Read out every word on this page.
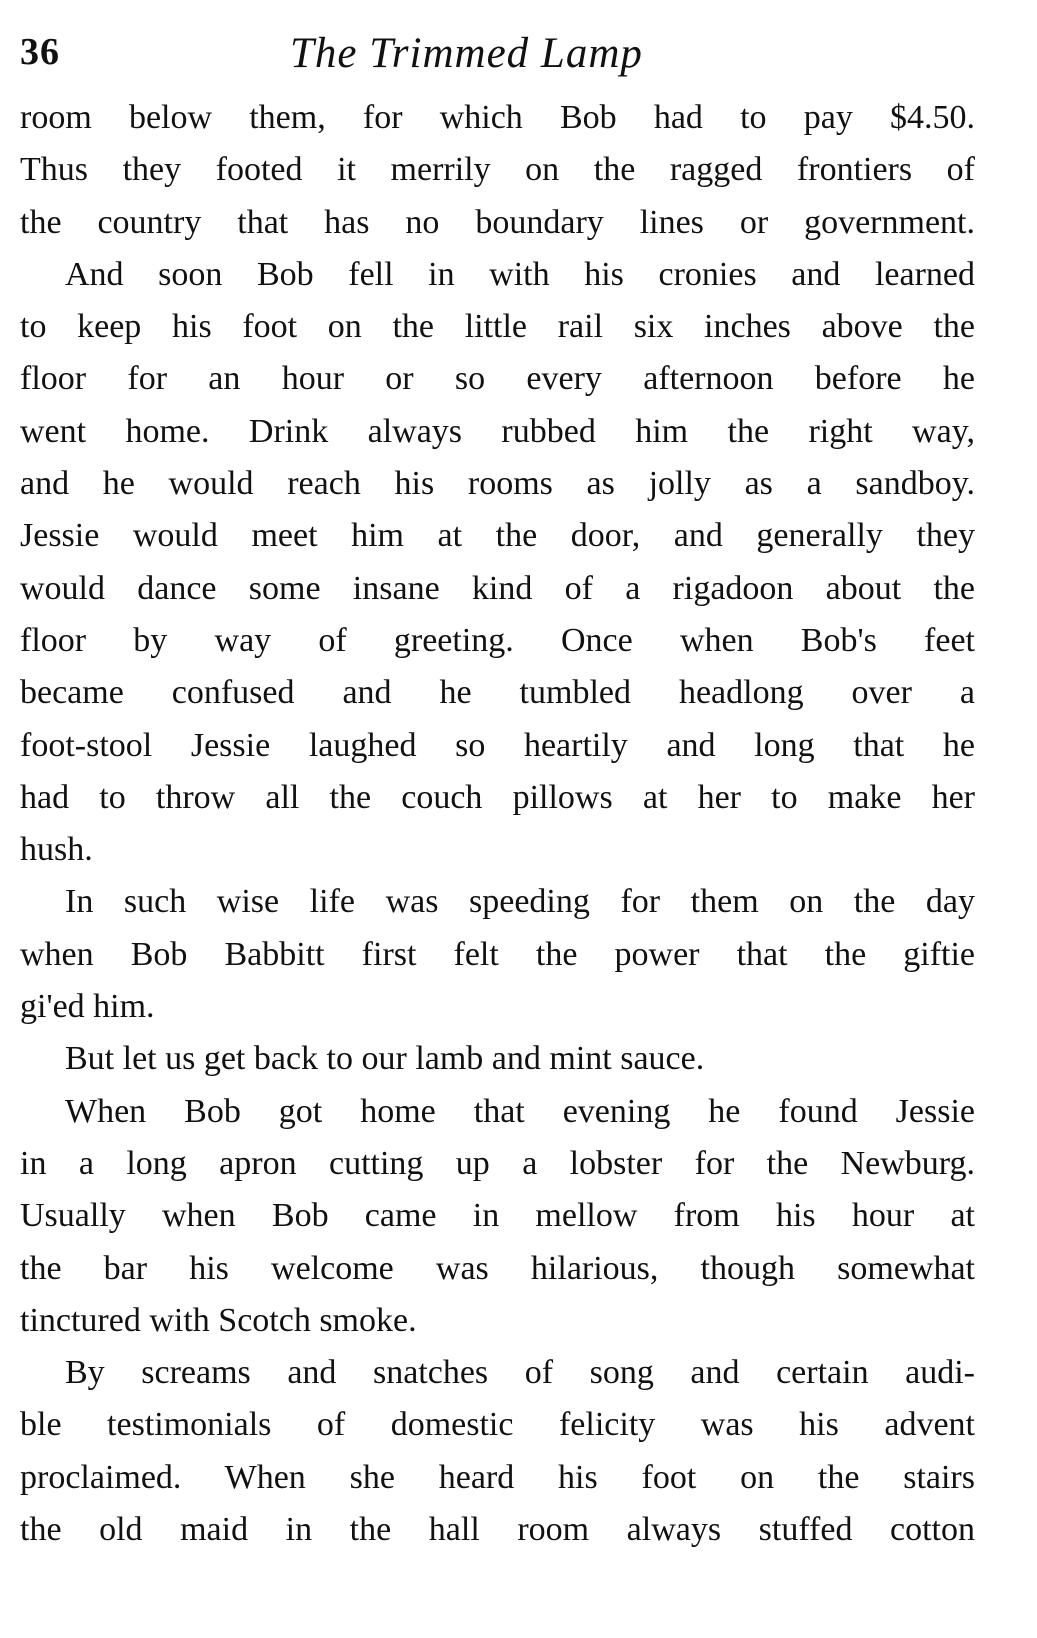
36	The Trimmed Lamp
room below them, for which Bob had to pay $4.50.
Thus they footed it merrily on the ragged frontiers of
the country that has no boundary lines or government.
And soon Bob fell in with his cronies and learned
to keep his foot on the little rail six inches above the
floor for an hour or so every afternoon before he
went home. Drink always rubbed him the right way,
and he would reach his rooms as jolly as a sandboy.
Jessie would meet him at the door, and generally they
would dance some insane kind of a rigadoon about the
floor by way of greeting. Once when Bob's feet
became confused and he tumbled headlong over a
foot-stool Jessie laughed so heartily and long that he
had to throw all the couch pillows at her to make her
hush.
In such wise life was speeding for them on the day
when Bob Babbitt first felt the power that the giftie
gi'ed him.
But let us get back to our lamb and mint sauce.
When Bob got home that evening he found Jessie
in a long apron cutting up a lobster for the Newburg.
Usually when Bob came in mellow from his hour at
the bar his welcome was hilarious, though somewhat
tinctured with Scotch smoke.
By screams and snatches of song and certain audi-
ble testimonials of domestic felicity was his advent
proclaimed. When she heard his foot on the stairs
the old maid in the hall room always stuffed cotton
